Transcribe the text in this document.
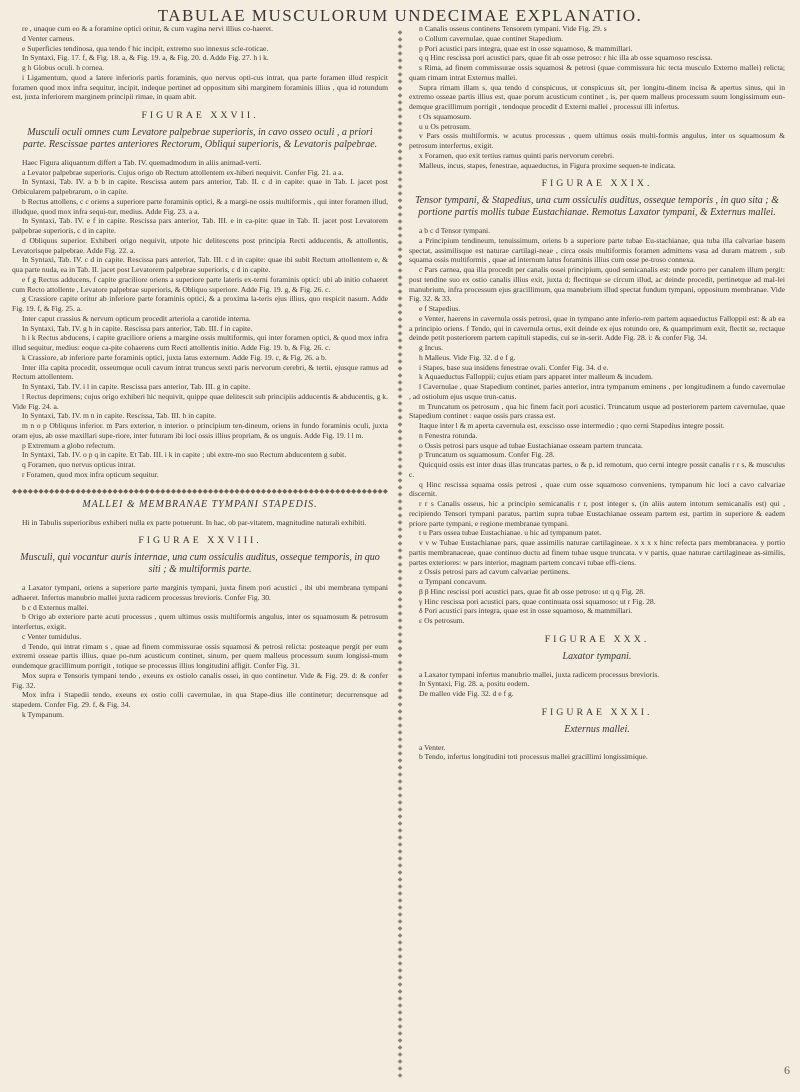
TABULAE MUSCULORUM UNDECIMAE EXPLANATIO.

re , unaque cum eo & a foramine optici oritur, & cum vagina nervi illius co-haeret.

d Venter carneus.

e Superficies tendinosa, qua tendo f hic incipit, extremo suo innexus scle-roticae.

In Syntaxi, Fig. 17. f, & Fig. 18. a, & Fig. 19. a, & Fig. 20. d. Adde Fig. 27. h i k.

g h Globus oculi. h cornea.

i Ligamentum, quod a latere inferioris partis foraminis, quo nervus opti-cus intrat, qua parte foramen illud respicit foramen quod mox infra sequitur, incipit, indeque pertinet ad oppositum sibi marginem foraminis illius , qua id rotundum est, juxta inferiorem marginem principii rimae, in quam abit.

FIGURAE XXVII.
Musculi oculi omnes cum Levatore palpebrae superioris, in cavo osseo oculi , a priori parte. Rescissae partes anteriores Rectorum, Obliqui superioris, & Levatoris palpebrae.

Haec Figura aliquantum differt a Tab. IV. quemadmodum in aliis animad-verti.

a Levator palpebrae superioris. Cujus origo ob Rectum attollentem ex-hiberi nequivit. Confer Fig. 21. a a.

In Syntaxi, Tab. IV. a b b in capite. Rescissa autem pars anterior, Tab. II. c d in capite: quae in Tab. I. jacet post Orbicularem palpebrarum, o in capite.

b Rectus attollens, c c oriens a superiore parte foraminis optici, & a margi-ne ossis multiformis , qui inter foramen illud, illudque, quod mox infra sequi-tur, medius. Adde Fig. 23. a a.

In Syntaxi, Tab. IV. e f in capite. Rescissa pars anterior, Tab. III. e in ca-pite: quae in Tab. II. jacet post Levatorem palpebrae superioris, c d in capite.

d Obliquus superior. Exhiberi origo nequivit, utpote hic delitescens post principia Recti adducentis, & attollentis, Levatorisque palpebrae. Adde Fig. 22. a.

In Syntaxi, Tab. IV. c d in capite. Rescissa pars anterior, Tab. III. c d in capite: quae ibi subit Rectum attollentem e, & qua parte nuda, ea in Tab. II. jacet post Levatorem palpebrae superioris, c d in capite.

e f g Rectus adducens, f capite graciliore oriens a superiore parte lateris ex-terni foraminis optici: ubi ab initio cohaeret cum Recto attollente , Levatore palpebrae superioris, & Obliquo superiore. Adde Fig. 19. g, & Fig. 26. c.

g Crassiore capite oritur ab inferiore parte foraminis optici, & a proxima la-teris ejus illius, quo respicit nasum. Adde Fig. 19. f, & Fig. 25. a.

Inter caput crassius & nervum opticum procedit arteriola a carotide interna.

In Syntaxi, Tab. IV. g h in capite. Rescissa pars anterior, Tab. III. f in capite.

h i k Rectus abducens, i capite graciliore oriens a margine ossis multiformis, qui inter foramen optici, & quod mox infra illud sequitur, medius: eoque ca-pite cohaerens cum Recti attollentis initio. Adde Fig. 19. b, & Fig. 26. c.

k Crassiore, ab inferiore parte foraminis optici, juxta latus externum. Adde Fig. 19. c, & Fig. 26. a b.

Inter illa capita procedit, osseumque oculi cavum intrat truncus sexti paris nervorum cerebri, & tertii, ejusque ramus ad Rectum attollentem.

In Syntaxi, Tab. IV. i l in capite. Rescissa pars anterior, Tab. III. g in capite.

l Rectus deprimens; cujus origo exhiberi hic nequivit, quippe quae delitescit sub principiis adducentis & abducentis, g k. Vide Fig. 24. a.

In Syntaxi, Tab. IV. m n in capite. Rescissa, Tab. III. h in capite.

m n o p Obliquus inferior. m Pars exterior, n interior. o principium ten-dineum, oriens in fundo foraminis oculi, juxta oram ejus, ab osse maxillari supe-riore, inter futuram ibi loci ossis illius propriam, & os unguis. Adde Fig. 19. l l m.

p Extremum a globo refectum.

In Syntaxi, Tab. IV. o p q in capite. Et Tab. III. i k in capite ; ubi extre-mo suo Rectum abducentem g subit.

q Foramen, quo nervus opticus intrat.

r Foramen, quod mox infra opticum sequitur.

◆◆◆◆◆◆◆◆◆◆◆◆◆◆◆◆◆◆◆◆◆◆◆◆◆◆◆◆◆◆◆◆◆◆◆◆◆◆◆◆◆◆◆◆◆◆◆◆◆◆◆◆◆◆◆◆◆◆◆◆◆◆◆◆◆◆◆◆◆◆◆
MALLEI & MEMBRANAE TYMPANI STAPEDIS.

Hi in Tabulis superioribus exhiberi nulla ex parte potuerunt. In hac, ob par-vitatem, magnitudine naturali exhibiti.

FIGURAE XXVIII.
Musculi, qui vocantur auris internae, una cum ossiculis auditus, osseque temporis, in quo siti ; & multiformis parte.

a Laxator tympani, oriens a superiore parte marginis tympani, juxta finem pori acustici , ibi ubi membrana tympani adhaeret. Infertus manubrio mallei juxta radicem processus brevioris. Confer Fig. 30.

b c d Externus mallei.

b Origo ab exteriore parte acuti processus , quem ultimus ossis multiformis angulus, inter os squamosum & petrosum interfertus, exigit.

c Venter tumidulus.

d Tendo, qui intrat rimam s , quae ad finem commissurae ossis squamosi & petrosi relicta: posteaque pergit per eum extremi osseae partis illius, quae po-rum acusticum continet, sinum, per quem malleus processum suum longissi-mum eundemque gracillimum porrigit , totique se processus illius longitudini affigit. Confer Fig. 31.

Mox supra e Tensoris tympani tendo , exeuns ex ostiolo canalis ossei, in quo continetur. Vide & Fig. 29. d: & confer Fig. 32.

Mox infra i Stapedii tendo, exeuns ex ostio colli cavernulae, in qua Stape-dius ille continetur; decurrensque ad stapedem. Confer Fig. 29. f, & Fig. 34.

k Tympanum.

◆
◆
◆
◆
◆
◆
◆
◆
◆
◆
◆
◆
◆
◆
◆
◆
◆
◆
◆
◆
◆
◆
◆
◆
◆
◆
◆
◆
◆
◆
◆
◆
◆
◆
◆
◆
◆
◆
◆
◆
◆
◆
◆
◆
◆
◆
◆
◆
◆
◆
◆
◆
◆
◆
◆
◆
◆
◆
◆
◆
◆
◆
◆
◆
◆
◆
◆
◆
◆
◆
◆
◆
◆
◆
◆
◆
◆
◆
◆
◆
◆
◆
◆
◆
◆
◆
◆
◆
◆
◆
◆
◆
◆
◆
◆
◆
◆
◆
◆
◆
◆
◆
◆
◆
◆
◆
◆
◆
◆
◆
◆
◆
◆
◆
◆
◆
◆
◆
◆
◆
◆
◆
◆
◆
◆
◆
◆
◆
◆
◆
◆
◆
◆
◆
◆
◆
◆
◆
◆
◆
◆
◆
◆
◆
◆
◆
◆
◆
◆
◆

n Canalis osseus continens Tensorem tympani. Vide Fig. 29. s

o Collum cavernulae, quae continet Stapedium.

p Pori acustici pars integra, quae est in osse squamoso, & mammillari.

q q Hinc rescissa pori acustici pars, quae fit ab osse petroso: r hic illa ab osse squamoso rescissa.

s Rima, ad finem commissurae ossis squamosi & petrosi (quae commissura hic tecta musculo Externo mallei) relicta; quam rimam intrat Externus mallei.

Supra rimam illam s, qua tendo d conspicuus, ut conspicuus sit, per longitu-dinem incisa & apertus sinus, qui in extremo osseae partis illius est, quae porum acusticum continet , is, per quem malleus processum suum longissimum eun-demque gracillimum porrigit , tendoque procedit d Externi mallei , processui illi infertus.

t Os squamosum.

u u Os petrosum.

v Pars ossis multiformis. w acutus processus , quem ultimus ossis multi-formis angulus, inter os squamosum & petrosum interfertus, exigit.

x Foramen, quo exit tertius ramus quinti paris nervorum cerebri.

Malleus, incus, stapes, fenestrae, aquaeductus, in Figura proxime sequen-te indicata.

FIGURAE XXIX.
Tensor tympani, & Stapedius, una cum ossiculis auditus, osseque temporis , in quo sita ; & portione partis mollis tubae Eustachianae. Remotus Laxator tympani, & Externus mallei.

a b c d Tensor tympani.

a Principium tendineum, tenuissimum, oriens b a superiore parte tubae Eu-stachianae, qua tuba illa calvariae basem spectat, assimilisque est naturae cartilagi-neae , circa ossis multiformis foramen admittens vasa ad duram matrem , sub squama ossis multiformis , quae ad internum latus foraminis illius cum osse pe-troso connexa.

c Pars carnea, qua illa procedit per canalis ossei principium, quod semicanalis est: unde porro per canalem illum pergit: post tendine suo ex ostio canalis illius exit, juxta d; flectitque se circum illud, ac deinde procedit, pertinetque ad mal-lei manubrium, infra processum ejus gracillimum, qua manubrium illud spectat fundum tympani, oppositum membranae. Vide Fig. 32. & 33.

e f Stapedius.

e Venter, haerens in cavernula ossis petrosi, quae in tympano ante inferio-rem partem aquaeductus Falloppii est: & ab ea a principio oriens. f Tendo, qui in cavernula ortus, exit deinde ex ejus rotundo ore, & quamprimum exit, flectit se, rectaque deinde petit posteriorem partem capituli stapedis, cui se in-serit. Adde Fig. 28. i: & confer Fig. 34.

g Incus.

h Malleus. Vide Fig. 32. d e f g.

i Stapes, base sua insidens fenestrae ovali. Confer Fig. 34. d e.

k Aquaeductus Falloppii; cujus etiam pars apparet inter malleum & incudem.

l Cavernulae , quae Stapedium continet, paries anterior, intra tympanum eminens , per longitudinem a fundo cavernulae , ad ostiolum ejus usque trun-catus.

m Truncatum os petrosum , qua hic finem facit pori acustici. Truncatum usque ad posteriorem partem cavernulae, quae Stapedium continet : eaque ossis pars crassa est.

Itaque inter l & m aperta cavernula est, exscisso osse intermedio ; quo cerni Stapedius integre possit.

n Fenestra rotunda.

o Ossis petrosi pars usque ad tubae Eustachianae osseam partem truncata.

p Truncatum os squamosum. Confer Fig. 28.

Quicquid ossis est inter duas illas truncatas partes, o & p, id remotum, quo cerni integre possit canalis r r s, & musculus c.

q Hinc rescissa squama ossis petrosi , quae cum osse squamoso conveniens, tympanum hic loci a cavo calvariae discernit.

r r s Canalis osseus, hic a principio semicanalis r r, post integer s, (in aliis autem intotum semicanalis est) qui , recipiendo Tensori tympani paratus, partim supra tubae Eustachianae osseam partem est, partim in superiore & eadem priore parte tympani, e regione membranae tympani.

t u Pars ossea tubae Eustachianae. u hic ad tympanum patet.

v v w Tubae Eustachianae pars, quae assimilis naturae cartilagineae. x x x x hinc refecta pars membranacea. y portio partis membranaceae, quae continuo ductu ad finem tubae usque truncata. v v partis, quae naturae cartilagineae as-similis, partes exteriores: w pars interior, magnam partem concavi tubae effi-ciens.

z Ossis petrosi pars ad cavum calvariae pertinens.

α Tympani concavum.

β β Hinc rescissi pori acustici pars, quae fit ab osse petroso: ut q q Fig. 28.

γ Hinc rescissa pori acustici pars, quae continuata ossi squamoso: ut r Fig. 28.

δ Pori acustici pars integra, quae est in osse squamoso, & mammillari.

ε Os petrosum.

FIGURAE XXX.
Laxator tympani.

a Laxator tympani infertus manubrio mallei, juxta radicem processus brevioris.

In Syntaxi, Fig. 28. a, positu eodem.

De malleo vide Fig. 32. d e f g.

FIGURAE XXXI.
Externus mallei.

a Venter.

b Tendo, infertus longitudini toti processus mallei gracillimi longissimique.

6
